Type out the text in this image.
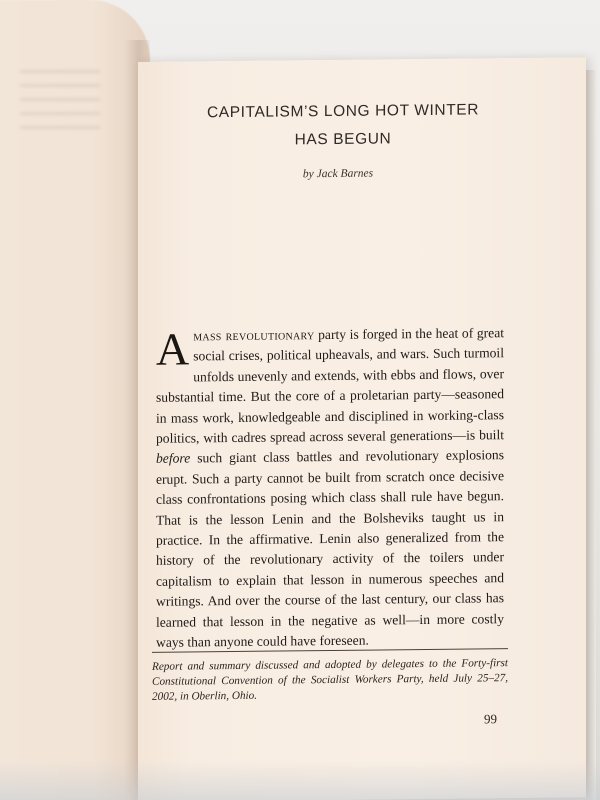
CAPITALISM’S LONG HOT WINTER
HAS BEGUN
by Jack Barnes
Amass revolutionary party is forged in the heat of great social crises, political upheavals, and wars. Such turmoil unfolds unevenly and extends, with ebbs and flows, over substantial time. But the core of a proletarian party—seasoned in mass work, knowledgeable and disciplined in working-class politics, with cadres spread across several generations—is built before such giant class battles and revolutionary explosions erupt. Such a party cannot be built from scratch once decisive class confrontations posing which class shall rule have begun. That is the lesson Lenin and the Bolsheviks taught us in practice. In the affirmative. Lenin also generalized from the history of the revolutionary activity of the toilers under capitalism to explain that lesson in numerous speeches and writings. And over the course of the last century, our class has learned that lesson in the negative as well—in more costly ways than anyone could have foreseen.
Report and summary discussed and adopted by delegates to the Forty-first Constitutional Convention of the Socialist Workers Party, held July 25–27, 2002, in Oberlin, Ohio.
99
